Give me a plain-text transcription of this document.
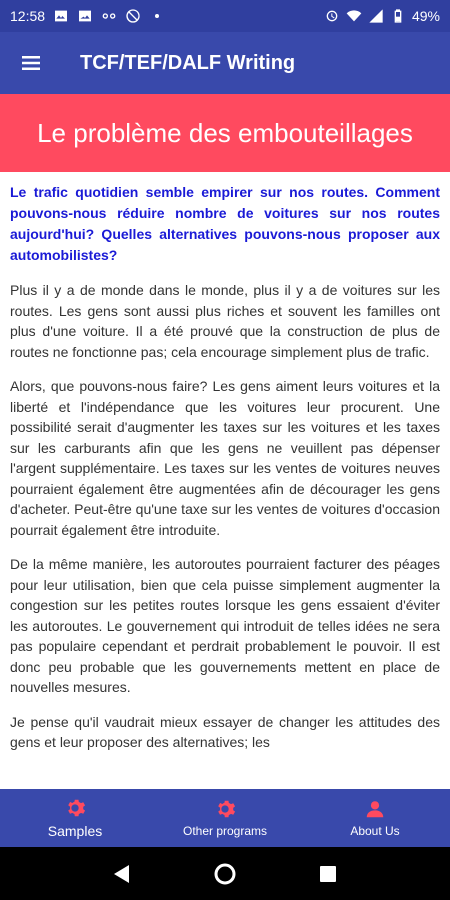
12:58	49%
TCF/TEF/DALF Writing
Le problème des embouteillages

Le trafic quotidien semble empirer sur nos routes. Comment pouvons-nous réduire nombre de voitures sur nos routes aujourd'hui? Quelles alternatives pouvons-nous proposer aux automobilistes?

Plus il y a de monde dans le monde, plus il y a de voitures sur les routes. Les gens sont aussi plus riches et souvent les familles ont plus d'une voiture. Il a été prouvé que la construction de plus de routes ne fonctionne pas; cela encourage simplement plus de trafic.

Alors, que pouvons-nous faire? Les gens aiment leurs voitures et la liberté et l'indépendance que les voitures leur procurent. Une possibilité serait d'augmenter les taxes sur les voitures et les taxes sur les carburants afin que les gens ne veuillent pas dépenser l'argent supplémentaire. Les taxes sur les ventes de voitures neuves pourraient également être augmentées afin de décourager les gens d'acheter. Peut-être qu'une taxe sur les ventes de voitures d'occasion pourrait également être introduite.

De la même manière, les autoroutes pourraient facturer des péages pour leur utilisation, bien que cela puisse simplement augmenter la congestion sur les petites routes lorsque les gens essaient d'éviter les autoroutes. Le gouvernement qui introduit de telles idées ne sera pas populaire cependant et perdrait probablement le pouvoir. Il est donc peu probable que les gouvernements mettent en place de nouvelles mesures.

Je pense qu'il vaudrait mieux essayer de changer les attitudes des gens et leur proposer des alternatives; les

Samples	Other programs	About Us
